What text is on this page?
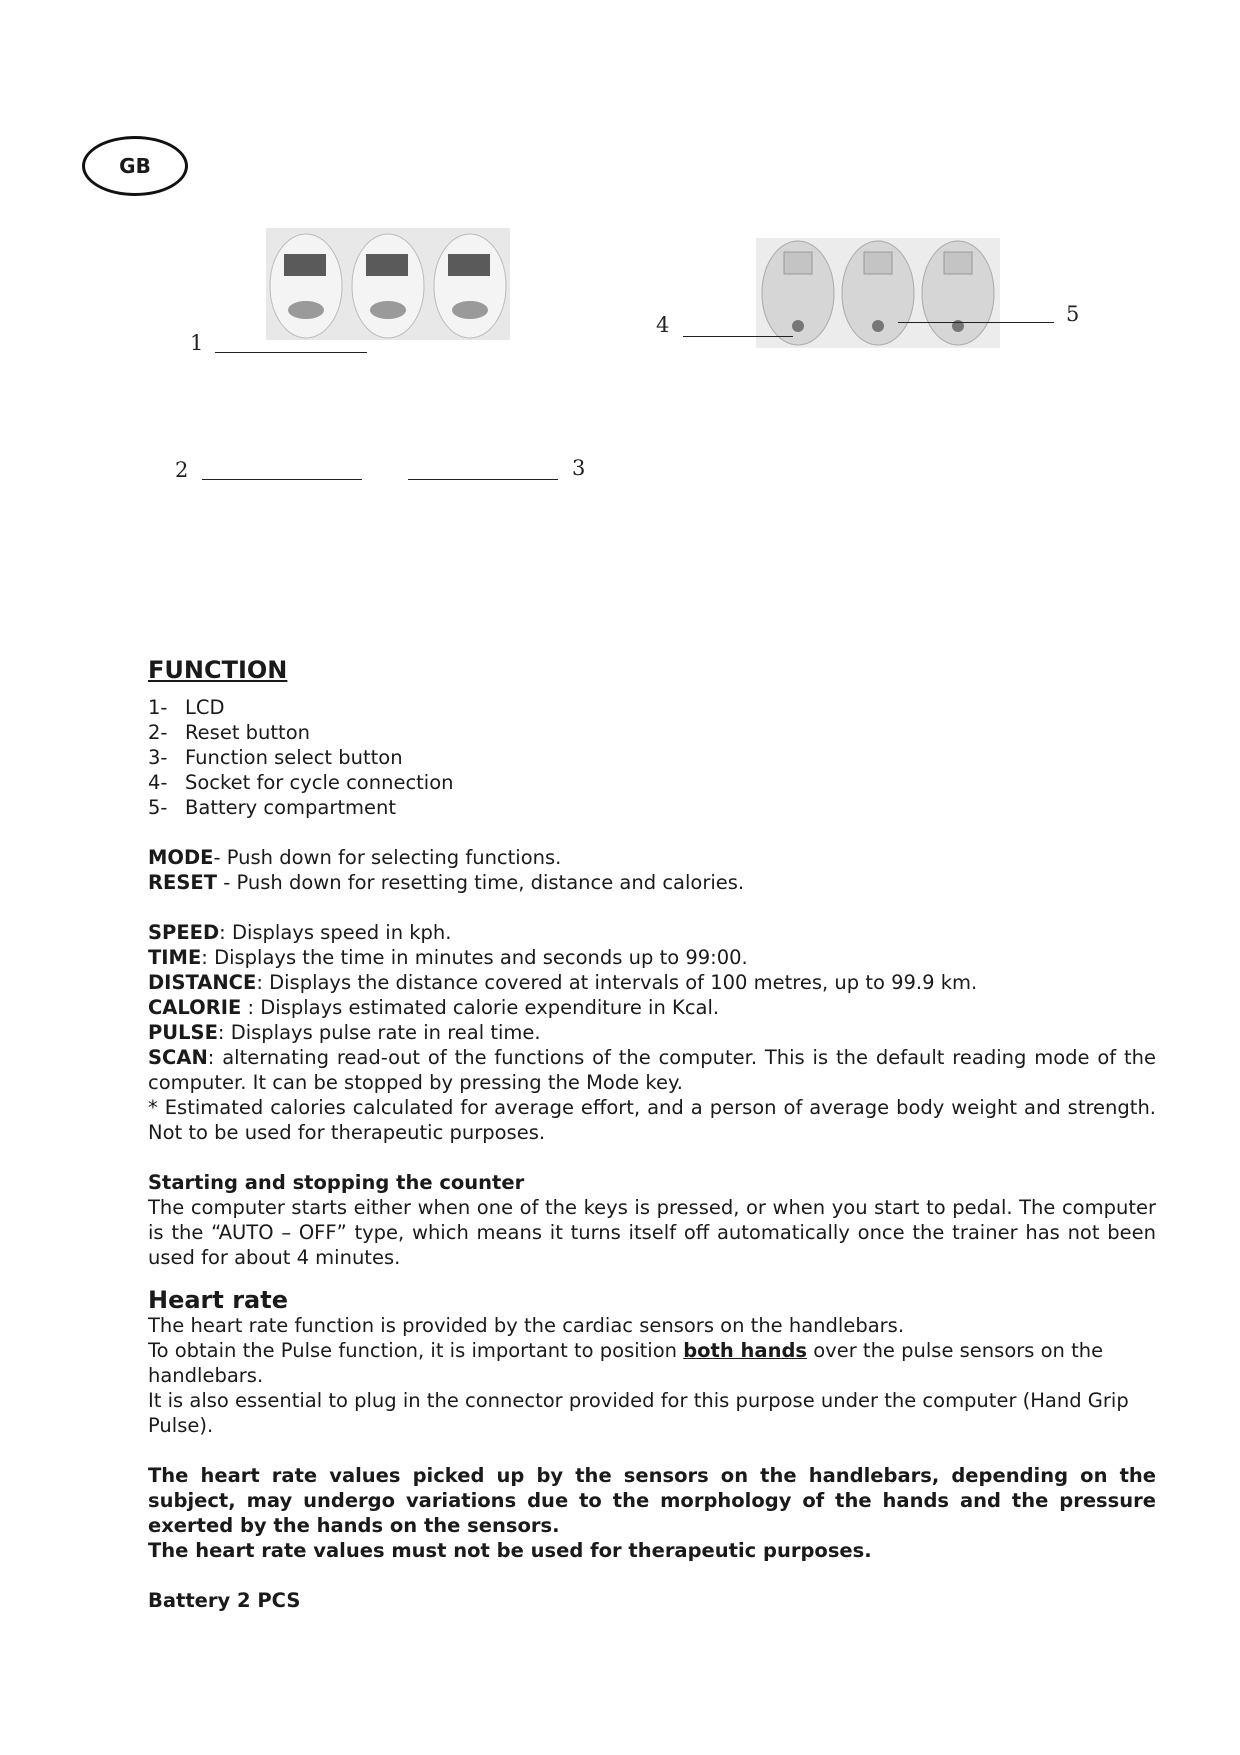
GB
1
4	5
2	3

FUNCTION

1- LCD
2- Reset button
3- Function select button
4- Socket for cycle connection
5- Battery compartment

MODE- Push down for selecting functions.

RESET - Push down for resetting time, distance and calories.

SPEED: Displays speed in kph.

TIME: Displays the time in minutes and seconds up to 99:00.

DISTANCE: Displays the distance covered at intervals of 100 metres, up to 99.9 km.

CALORIE : Displays estimated calorie expenditure in Kcal.

PULSE: Displays pulse rate in real time.

SCAN: alternating read-out of the functions of the computer. This is the default reading mode of the computer. It can be stopped by pressing the Mode key.

* Estimated calories calculated for average effort, and a person of average body weight and strength. Not to be used for therapeutic purposes.

Starting and stopping the counter

The computer starts either when one of the keys is pressed, or when you start to pedal. The computer is the “AUTO – OFF” type, which means it turns itself off automatically once the trainer has not been used for about 4 minutes.

Heart rate

The heart rate function is provided by the cardiac sensors on the handlebars.

To obtain the Pulse function, it is important to position both hands over the pulse sensors on the handlebars.

It is also essential to plug in the connector provided for this purpose under the computer (Hand Grip Pulse).

The heart rate values picked up by the sensors on the handlebars, depending on the subject, may undergo variations due to the morphology of the hands and the pressure exerted by the hands on the sensors.

The heart rate values must not be used for therapeutic purposes.

Battery 2 PCS
